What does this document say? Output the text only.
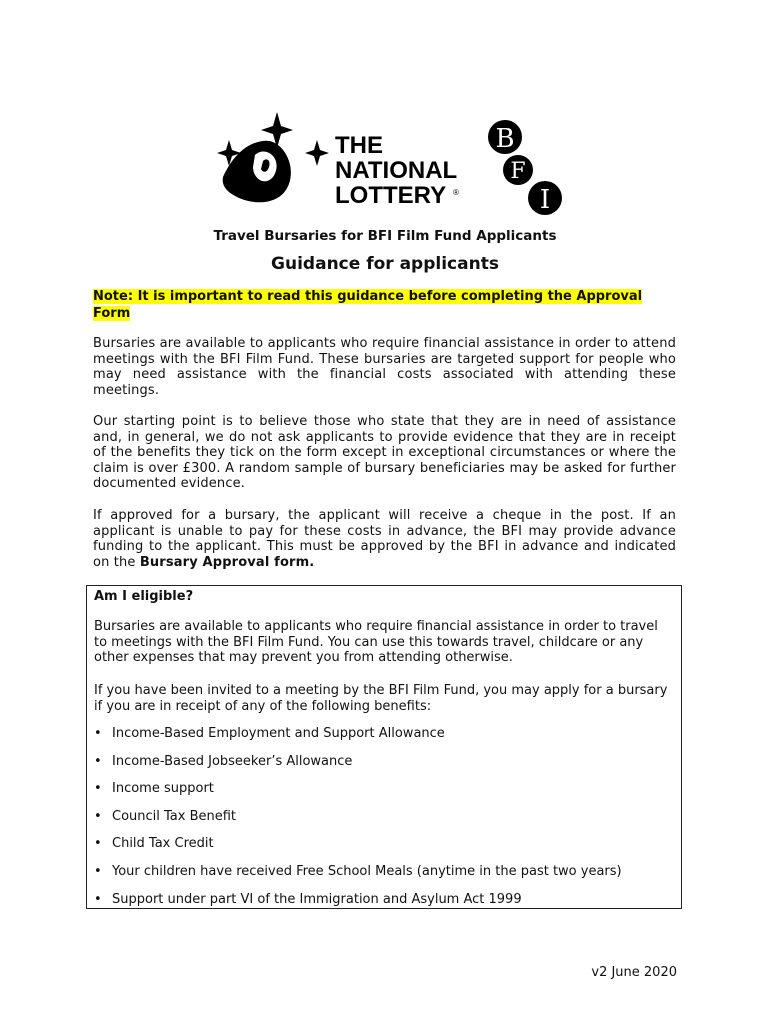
THE
NATIONAL
LOTTERY ®
B
F
I
Travel Bursaries for BFI Film Fund Applicants
Guidance for applicants
Note: It is important to read this guidance before completing the Approval Form
Bursaries are available to applicants who require financial assistance in order to attend meetings with the BFI Film Fund. These bursaries are targeted support for people who may need assistance with the financial costs associated with attending these meetings.
Our starting point is to believe those who state that they are in need of assistance and, in general, we do not ask applicants to provide evidence that they are in receipt of the benefits they tick on the form except in exceptional circumstances or where the claim is over £300. A random sample of bursary beneficiaries may be asked for further documented evidence.
If approved for a bursary, the applicant will receive a cheque in the post. If an applicant is unable to pay for these costs in advance, the BFI may provide advance funding to the applicant. This must be approved by the BFI in advance and indicated on the Bursary Approval form.
Am I eligible?
Bursaries are available to applicants who require financial assistance in order to travel to meetings with the BFI Film Fund. You can use this towards travel, childcare or any other expenses that may prevent you from attending otherwise.
If you have been invited to a meeting by the BFI Film Fund, you may apply for a bursary if you are in receipt of any of the following benefits:
• Income-Based Employment and Support Allowance
• Income-Based Jobseeker’s Allowance
• Income support
• Council Tax Benefit
• Child Tax Credit
• Your children have received Free School Meals (anytime in the past two years)
• Support under part VI of the Immigration and Asylum Act 1999
v2 June 2020
